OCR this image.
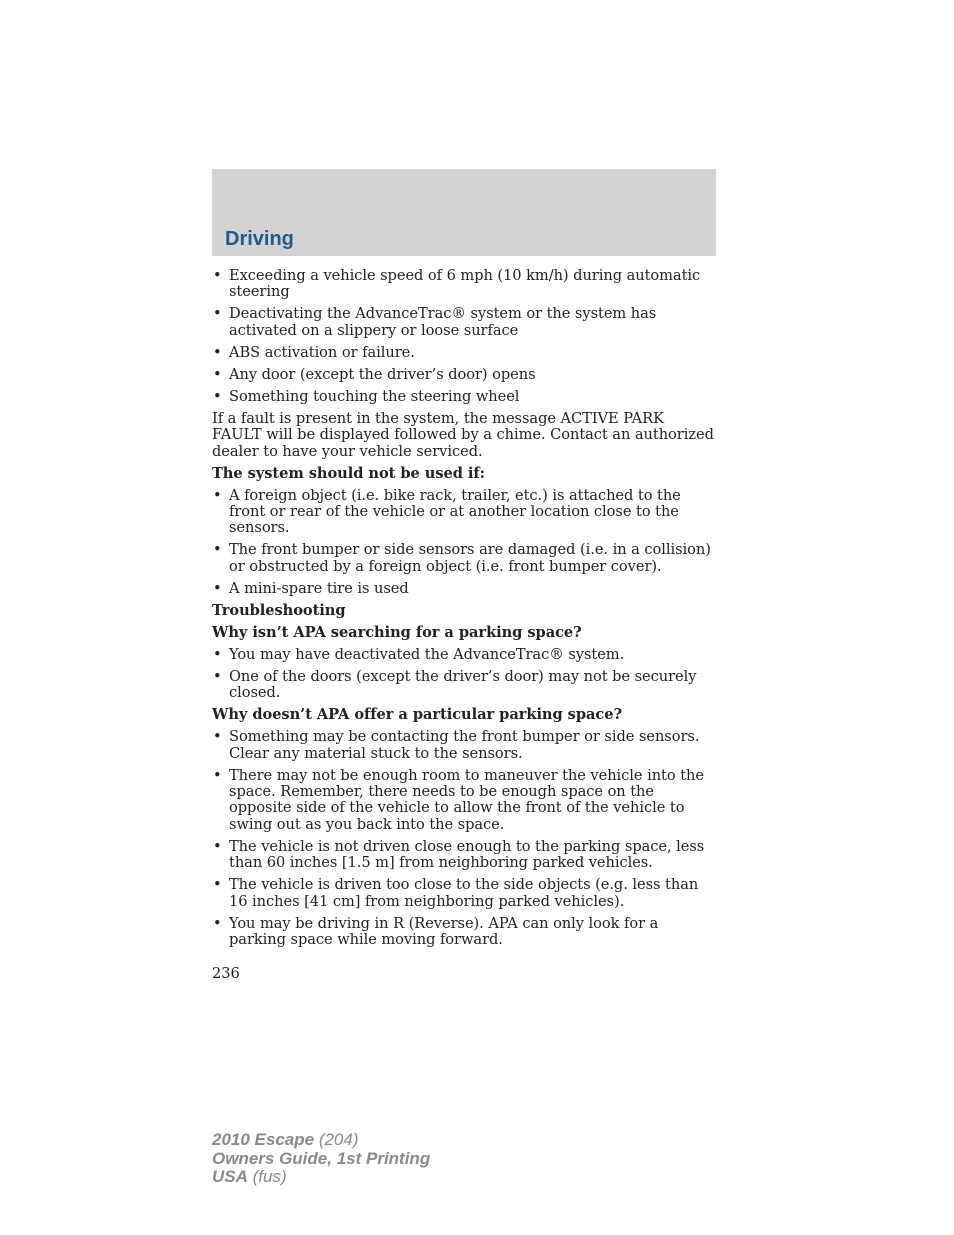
Driving
• Exceeding a vehicle speed of 6 mph (10 km/h) during automatic steering
• Deactivating the AdvanceTrac® system or the system has activated on a slippery or loose surface
• ABS activation or failure.
• Any door (except the driver’s door) opens
• Something touching the steering wheel

If a fault is present in the system, the message ACTIVE PARK FAULT will be displayed followed by a chime. Contact an authorized dealer to have your vehicle serviced.

The system should not be used if:

• A foreign object (i.e. bike rack, trailer, etc.) is attached to the front or rear of the vehicle or at another location close to the sensors.
• The front bumper or side sensors are damaged (i.e. in a collision) or obstructed by a foreign object (i.e. front bumper cover).
• A mini-spare tire is used

Troubleshooting

Why isn’t APA searching for a parking space?

• You may have deactivated the AdvanceTrac® system.
• One of the doors (except the driver’s door) may not be securely closed.

Why doesn’t APA offer a particular parking space?

• Something may be contacting the front bumper or side sensors. Clear any material stuck to the sensors.
• There may not be enough room to maneuver the vehicle into the space. Remember, there needs to be enough space on the opposite side of the vehicle to allow the front of the vehicle to swing out as you back into the space.
• The vehicle is not driven close enough to the parking space, less than 60 inches [1.5 m] from neighboring parked vehicles.
• The vehicle is driven too close to the side objects (e.g. less than 16 inches [41 cm] from neighboring parked vehicles).
• You may be driving in R (Reverse). APA can only look for a parking space while moving forward.
236
2010 Escape (204)
Owners Guide, 1st Printing
USA (fus)
